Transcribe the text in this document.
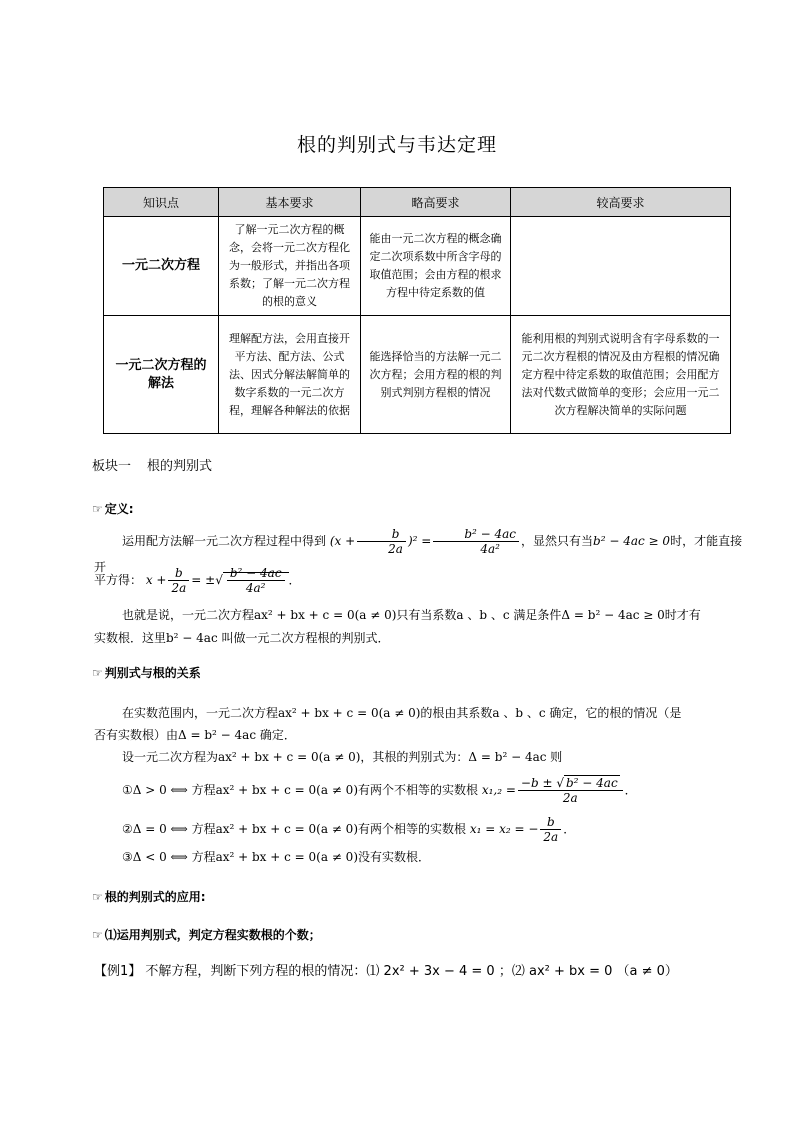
根的判别式与韦达定理
知识点	基本要求	略高要求	较高要求
一元二次方程	了解一元二次方程的概念，会将一元二次方程化为一般形式，并指出各项系数；了解一元二次方程的根的意义	能由一元二次方程的概念确定二次项系数中所含字母的取值范围；会由方程的根求方程中待定系数的值	
一元二次方程的解法	理解配方法，会用直接开平方法、配方法、公式法、因式分解法解简单的数字系数的一元二次方程，理解各种解法的依据	能选择恰当的方法解一元二次方程；会用方程的根的判别式判别方程根的情况	能利用根的判别式说明含有字母系数的一元二次方程根的情况及由方程根的情况确定方程中待定系数的取值范围；会用配方法对代数式做简单的变形；会应用一元二次方程解决简单的实际问题
板块一 根的判别式
☞ 定义:
运用配方法解一元二次方程过程中得到 $(x + \frac{b}{2a} )^2 = \frac{\text{b² − 4ac}}{\text{4a²}}$ ，显然只有当b² − 4ac ≥ 0时，才能直接开
平方得： $x + \frac{b}{2a}$ = ±√ $\frac{\text{b² − 4ac}}{\text{4a²}}$ ．
也就是说，一元二次方程ax² + bx + c = 0(a ≠ 0)只有当系数a 、b 、c 满足条件Δ = b² − 4ac ≥ 0时才有
实数根．这里b² − 4ac 叫做一元二次方程根的判别式．
☞ 判别式与根的关系
在实数范围内，一元二次方程ax² + bx + c = 0(a ≠ 0)的根由其系数a 、b 、c 确定，它的根的情况（是
否有实数根）由Δ = b² − 4ac 确定．
设一元二次方程为ax² + bx + c = 0(a ≠ 0)，其根的判别式为：Δ = b² − 4ac 则
①Δ > 0 ⟺ 方程ax² + bx + c = 0(a ≠ 0)有两个不相等的实数根 $x_1,_2 = \frac{\text{−b ± √ b² − 4ac}}{2a}$ ．
②Δ = 0 ⟺ 方程ax² + bx + c = 0(a ≠ 0)有两个相等的实数根 x₁ = x₂ = − $\frac{b}{2a}$ ．
③Δ < 0 ⟺ 方程ax² + bx + c = 0(a ≠ 0)没有实数根．
☞ 根的判别式的应用:
☞ ⑴运用判别式，判定方程实数根的个数；
【例1】 不解方程，判断下列方程的根的情况：⑴ 2x² + 3x − 4 = 0 ；⑵ ax² + bx = 0 （a ≠ 0）
